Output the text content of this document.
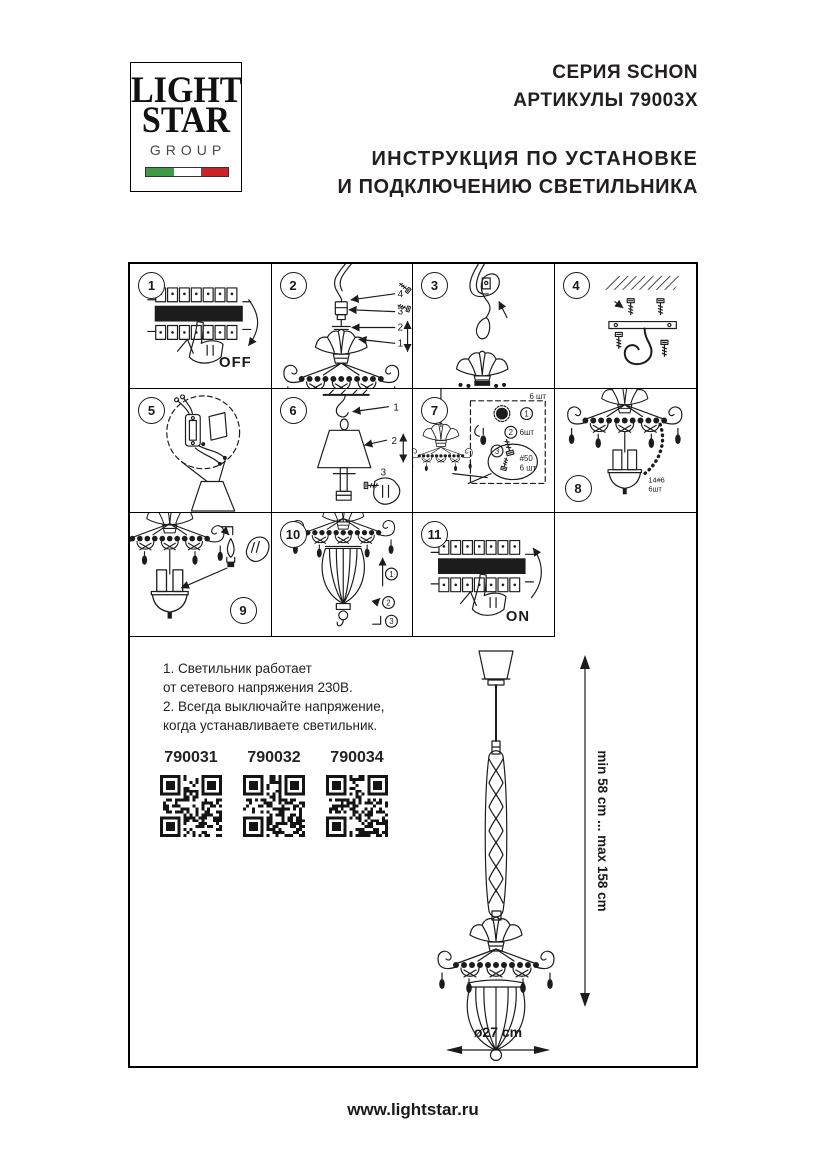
LIGHT
STAR
GROUP
СЕРИЯ SCHON
АРТИКУЛЫ 79003Х
ИНСТРУКЦИЯ ПО УСТАНОВКЕ
И ПОДКЛЮЧЕНИЮ СВЕТИЛЬНИКА
1
OFF
2
4
3
2
1
3	4
5	6	1
2
3
7
6 шт
1
2 6шт
3
#50
6 шт
8
14#6
6шт
9
10
1
2
3
11
ON
1. Светильник работает
от сетевого напряжения 230В.
2. Всегда выключайте напряжение,
когда устанавливаете светильник.
790031	790032	790034	min 58 cm ... max 158 cm
ø27 cm
www.lightstar.ru
